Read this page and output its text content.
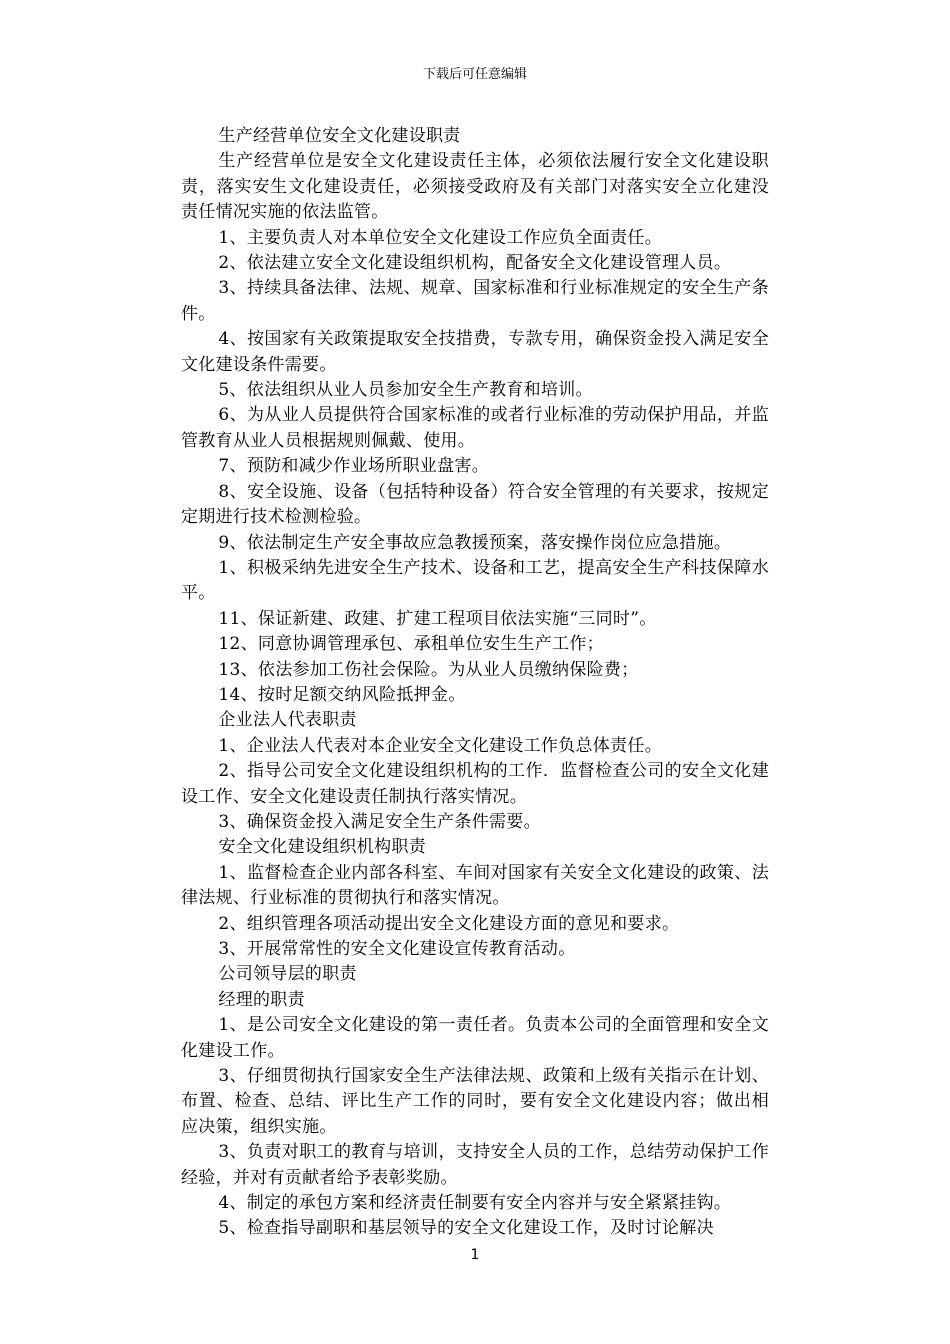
下载后可任意编辑

生产经营单位安全文化建设职责

生产经营单位是安全文化建设责任主体，必须依法履行安全文化建设职责，落实安生文化建设责任，必须接受政府及有关部门对落实安全立化建没责任情况实施的依法监管。

1、主要负责人对本单位安全文化建设工作应负全面责任。

2、依法建立安全文化建设组织机构，配备安全文化建设管理人员。

3、持续具备法律、法规、规章、国家标准和行业标准规定的安全生产条件。

4、按国家有关政策提取安全技措费，专款专用，确保资金投入满足安全文化建设条件需要。

5、依法组织从业人员参加安全生产教育和培训。

6、为从业人员提供符合国家标准的或者行业标准的劳动保护用品，并监管教育从业人员根据规则佩戴、使用。

7、预防和减少作业场所职业盘害。

8、安全设施、设备（包括特种设备）符合安全管理的有关要求，按规定定期进行技术检测检验。

9、依法制定生产安全事故应急教援预案，落安操作岗位应急措施。

1、积极采纳先进安全生产技术、设备和工艺，提高安全生产科技保障水平。

11、保证新建、政建、扩建工程项目依法实施“三同时”。

12、同意协调管理承包、承租单位安生生产工作；

13、依法参加工伤社会保险。为从业人员缴纳保险费；

14、按时足额交纳风险抵押金。

企业法人代表职责

1、企业法人代表对本企业安全文化建设工作负总体责任。

2、指导公司安全文化建设组织机构的工作．监督检查公司的安全文化建设工作、安全文化建设责任制执行落实情况。

3、确保资金投入满足安全生产条件需要。

安全文化建设组织机构职责

1、监督检查企业内部各科室、车间对国家有关安全文化建设的政策、法律法规、行业标准的贯彻执行和落实情况。

2、组织管理各项活动提出安全文化建设方面的意见和要求。

3、开展常常性的安全文化建设宣传教育活动。

公司领导层的职责

经理的职责

1、是公司安全文化建设的第一责任者。负责本公司的全面管理和安全文化建设工作。

3、仔细贯彻执行国家安全生产法律法规、政策和上级有关指示在计划、布置、检查、总结、评比生产工作的同时，要有安全文化建设内容；做出相应决策，组织实施。

3、负责对职工的教育与培训，支持安全人员的工作，总结劳动保护工作经验，并对有贡献者给予表彰奖励。

4、制定的承包方案和经济责任制要有安全内容并与安全紧紧挂钩。

5、检查指导副职和基层领导的安全文化建设工作，及时讨论解决

1
